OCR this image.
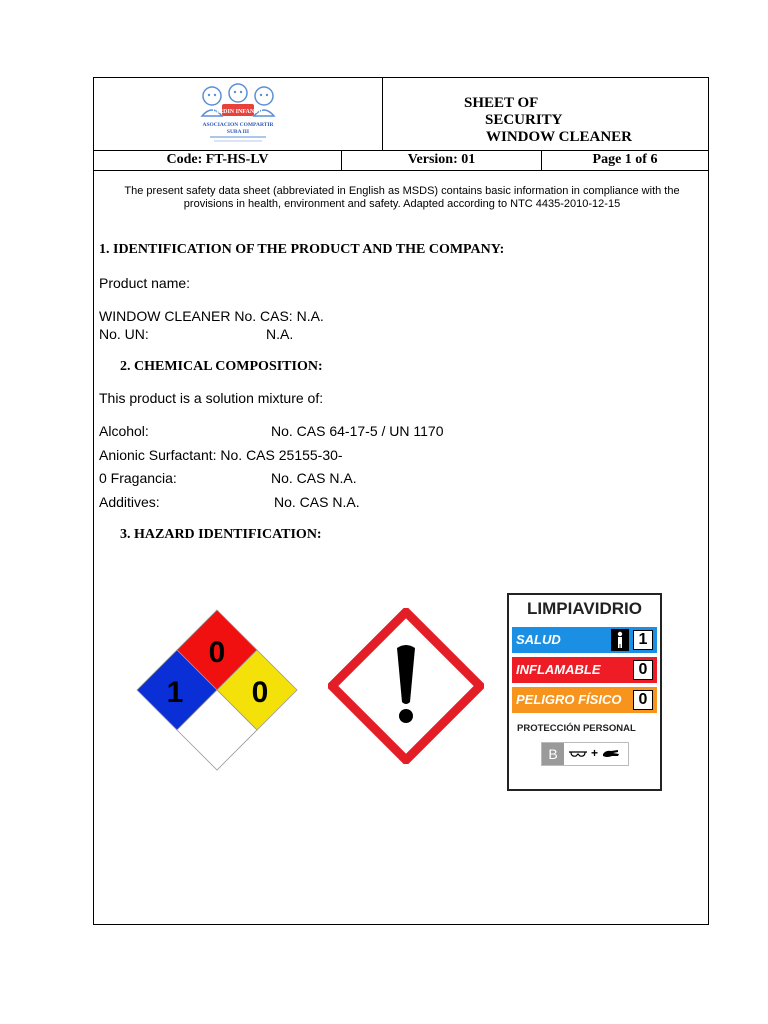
JARDIN INFANTIL
ASOCIACION COMPARTIR
SUBA III
SHEET OF
SECURITY
WINDOW CLEANER
Code: FT-HS-LV	Version: 01	Page 1 of 6
The present safety data sheet (abbreviated in English as MSDS) contains basic information in compliance with the provisions in health, environment and safety. Adapted according to NTC 4435-2010-12-15
1. IDENTIFICATION OF THE PRODUCT AND THE COMPANY:
Product name:
WINDOW CLEANER No. CAS: N.A.
No. UN:	N.A.
2. CHEMICAL COMPOSITION:
This product is a solution mixture of:
Alcohol:	No. CAS 64-17-5 / UN 1170
Anionic Surfactant: No. CAS 25155-30-
0 Fragancia:	No. CAS N.A.
Additives:	No. CAS N.A.
3. HAZARD IDENTIFICATION:
0
1 0
LIMPIAVIDRIO
SALUD	1
INFLAMABLE	0
PELIGRO FÍSICO	0
PROTECCIÓN PERSONAL
B	+
